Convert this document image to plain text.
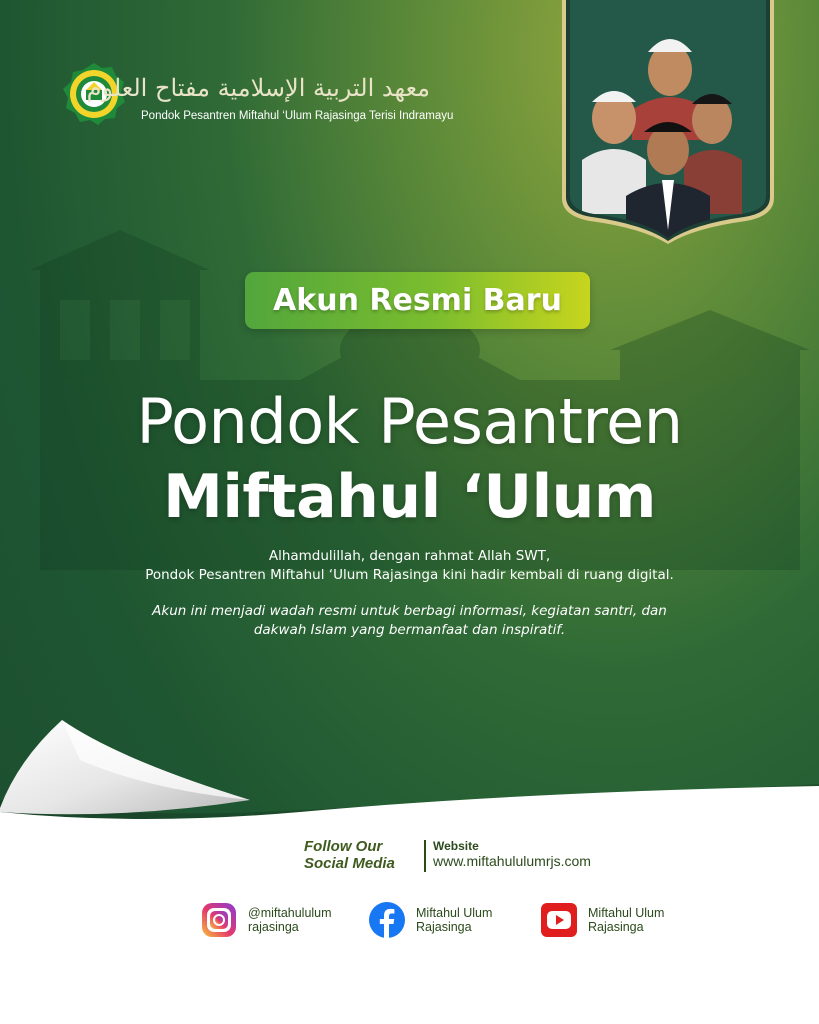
معهد التربية الإسلامية مفتاح العلوم
Pondok Pesantren Miftahul ‘Ulum Rajasinga Terisi Indramayu
Akun Resmi Baru
Pondok Pesantren
Miftahul ‘Ulum
Alhamdulillah, dengan rahmat Allah SWT,
Pondok Pesantren Miftahul ‘Ulum Rajasinga kini hadir kembali di ruang digital.
Akun ini menjadi wadah resmi untuk berbagi informasi, kegiatan santri, dan
dakwah Islam yang bermanfaat dan inspiratif.
Follow Our
Social Media
Website
www.miftahululumrjs.com
@miftahululum
rajasinga
Miftahul Ulum
Rajasinga
Miftahul Ulum
Rajasinga
